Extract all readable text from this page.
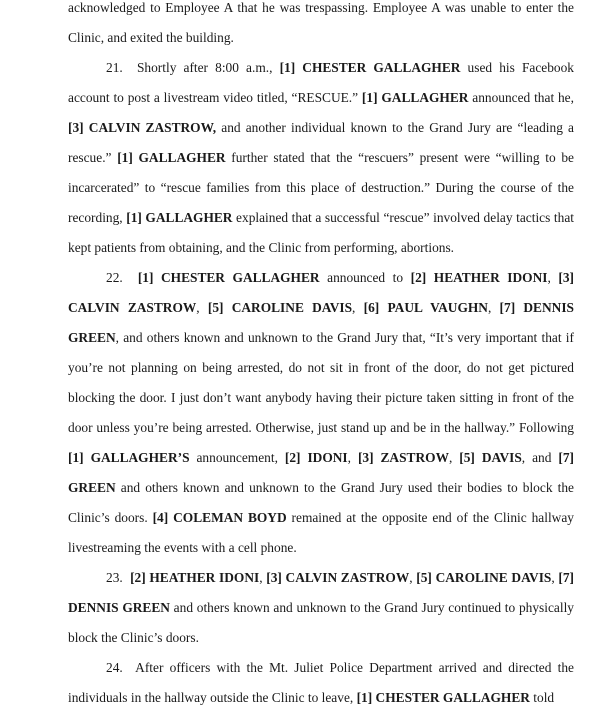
acknowledged to Employee A that he was trespassing. Employee A was unable to enter the Clinic, and exited the building.

21.  Shortly after 8:00 a.m., [1] CHESTER GALLAGHER used his Facebook account to post a livestream video titled, “RESCUE.” [1] GALLAGHER announced that he, [3] CALVIN ZASTROW, and another individual known to the Grand Jury are “leading a rescue.” [1] GALLAGHER further stated that the “rescuers” present were “willing to be incarcerated” to “rescue families from this place of destruction.” During the course of the recording, [1] GALLAGHER explained that a successful “rescue” involved delay tactics that kept patients from obtaining, and the Clinic from performing, abortions.

22.  [1] CHESTER GALLAGHER announced to [2] HEATHER IDONI, [3] CALVIN ZASTROW, [5] CAROLINE DAVIS, [6] PAUL VAUGHN, [7] DENNIS GREEN, and others known and unknown to the Grand Jury that, “It’s very important that if you’re not planning on being arrested, do not sit in front of the door, do not get pictured blocking the door. I just don’t want anybody having their picture taken sitting in front of the door unless you’re being arrested. Otherwise, just stand up and be in the hallway.” Following [1] GALLAGHER’S announcement, [2] IDONI, [3] ZASTROW, [5] DAVIS, and [7] GREEN and others known and unknown to the Grand Jury used their bodies to block the Clinic’s doors. [4] COLEMAN BOYD remained at the opposite end of the Clinic hallway livestreaming the events with a cell phone.

23.  [2] HEATHER IDONI, [3] CALVIN ZASTROW, [5] CAROLINE DAVIS, [7] DENNIS GREEN and others known and unknown to the Grand Jury continued to physically block the Clinic’s doors.

24.  After officers with the Mt. Juliet Police Department arrived and directed the individuals in the hallway outside the Clinic to leave, [1] CHESTER GALLAGHER told
